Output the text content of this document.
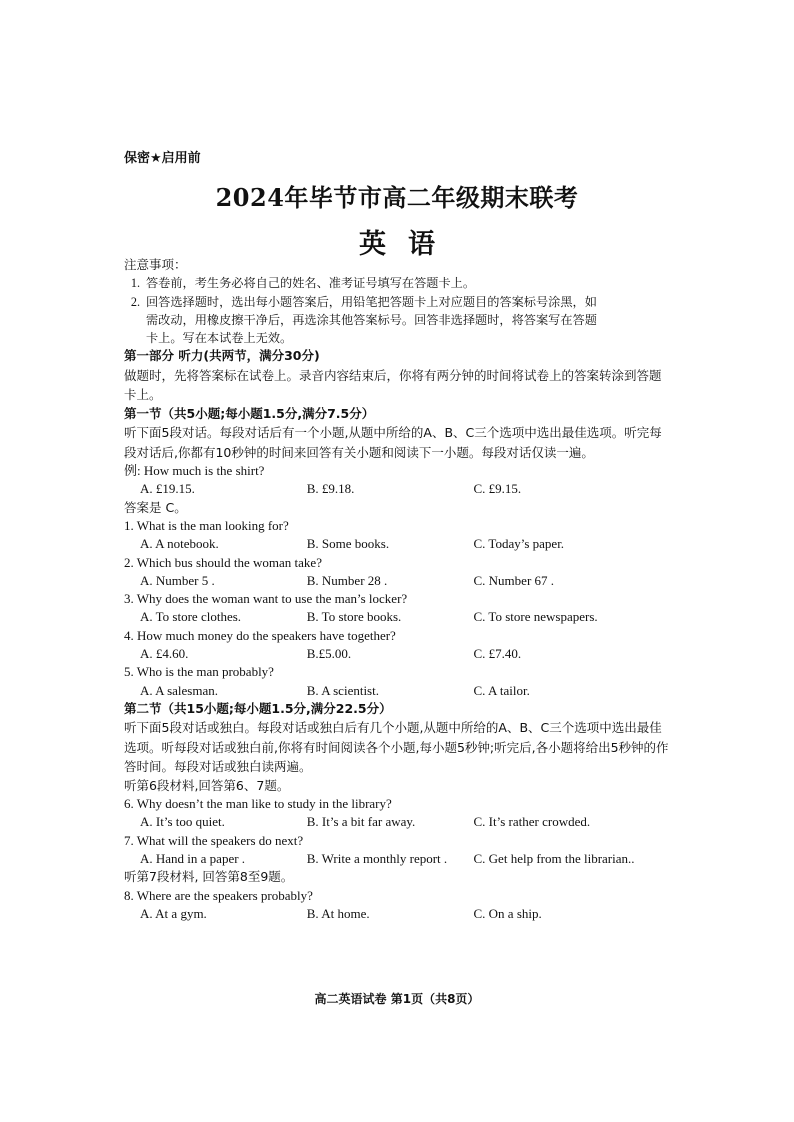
保密★启用前
2024年毕节市高二年级期末联考
英语
注意事项：
1. 答卷前，考生务必将自己的姓名、准考证号填写在答题卡上。
2. 回答选择题时，选出每小题答案后，用铅笔把答题卡上对应题目的答案标号涂黑，如
需改动，用橡皮擦干净后，再选涂其他答案标号。回答非选择题时，将答案写在答题
卡上。写在本试卷上无效。
第一部分 听力(共两节，满分30分)
做题时，先将答案标在试卷上。录音内容结束后，你将有两分钟的时间将试卷上的答案转涂到答题卡上。
第一节（共5小题;每小题1.5分,满分7.5分）
听下面5段对话。每段对话后有一个小题,从题中所给的A、B、C三个选项中选出最佳选项。听完每段对话后,你都有10秒钟的时间来回答有关小题和阅读下一小题。每段对话仅读一遍。
例: How much is the shirt?
A. £19.15.	B. £9.18.	C. £9.15.
答案是 C。
1. What is the man looking for?
A. A notebook.	B. Some books.	C. Today’s paper.
2. Which bus should the woman take?
A. Number 5 .	B. Number 28 .	C. Number 67 .
3. Why does the woman want to use the man’s locker?
A. To store clothes.	B. To store books.	C. To store newspapers.
4. How much money do the speakers have together?
A. £4.60.	B.£5.00.	C. £7.40.
5. Who is the man probably?
A. A salesman.	B. A scientist.	C. A tailor.
第二节（共15小题;每小题1.5分,满分22.5分）
听下面5段对话或独白。每段对话或独白后有几个小题,从题中所给的A、B、C三个选项中选出最佳选项。听每段对话或独白前,你将有时间阅读各个小题,每小题5秒钟;听完后,各小题将给出5秒钟的作答时间。每段对话或独白读两遍。
听第6段材料,回答第6、7题。
6. Why doesn’t the man like to study in the library?
A. It’s too quiet.	B. It’s a bit far away.	C. It’s rather crowded.
7. What will the speakers do next?
A. Hand in a paper .	B. Write a monthly report .	C. Get help from the librarian..
听第7段材料, 回答第8至9题。
8. Where are the speakers probably?
A. At a gym.	B. At home.	C. On a ship.
高二英语试卷 第1页（共8页）
